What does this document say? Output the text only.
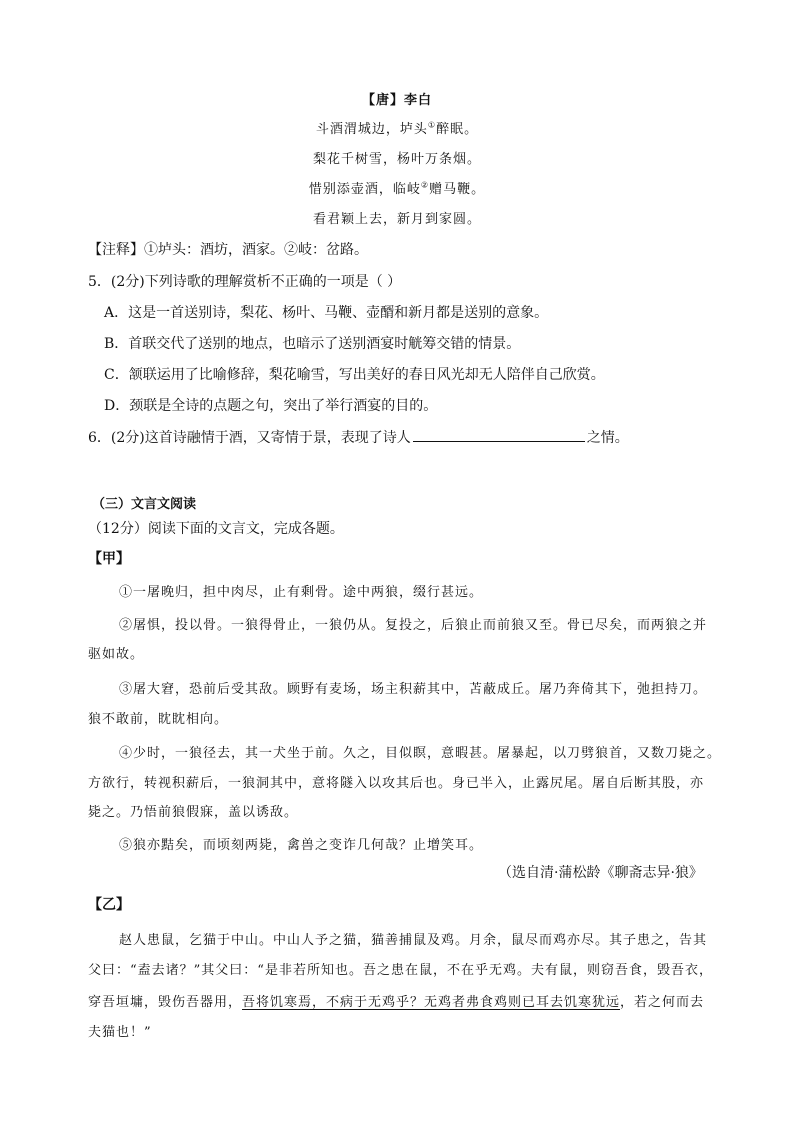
【唐】李白
斗酒渭城边，垆头①醉眠。
梨花千树雪，杨叶万条烟。
惜别添壶酒，临岐②赠马鞭。
看君颖上去，新月到家圆。
【注释】①垆头：酒坊，酒家。②岐：岔路。
5．(2分)下列诗歌的理解赏析不正确的一项是（ ）
A．这是一首送别诗，梨花、杨叶、马鞭、壶醑和新月都是送别的意象。
B．首联交代了送别的地点，也暗示了送别酒宴时觥筹交错的情景。
C．颔联运用了比喻修辞，梨花喻雪，写出美好的春日风光却无人陪伴自己欣赏。
D．颈联是全诗的点题之句，突出了举行酒宴的目的。
6．(2分)这首诗融情于酒，又寄情于景，表现了诗人	之情。
（三）文言文阅读
（12分）阅读下面的文言文，完成各题。
【甲】
①一屠晚归，担中肉尽，止有剩骨。途中两狼，缀行甚远。
②屠惧，投以骨。一狼得骨止，一狼仍从。复投之，后狼止而前狼又至。骨已尽矣，而两狼之并
驱如故。
③屠大窘，恐前后受其敌。顾野有麦场，场主积薪其中，苫蔽成丘。屠乃奔倚其下，弛担持刀。
狼不敢前，眈眈相向。
④少时，一狼径去，其一犬坐于前。久之，目似瞑，意暇甚。屠暴起，以刀劈狼首，又数刀毙之。
方欲行，转视积薪后，一狼洞其中，意将隧入以攻其后也。身已半入，止露尻尾。屠自后断其股，亦
毙之。乃悟前狼假寐，盖以诱敌。
⑤狼亦黠矣，而顷刻两毙，禽兽之变诈几何哉？止增笑耳。
（选自清·蒲松龄《聊斋志异·狼》
【乙】
赵人患鼠，乞猫于中山。中山人予之猫，猫善捕鼠及鸡。月余，鼠尽而鸡亦尽。其子患之，告其
父曰：“盍去诸？”其父曰：“是非若所知也。吾之患在鼠，不在乎无鸡。夫有鼠，则窃吾食，毁吾衣，
穿吾垣墉，毁伤吾器用，吾将饥寒焉，不病于无鸡乎？无鸡者弗食鸡则已耳去饥寒犹远，若之何而去
夫猫也！”
